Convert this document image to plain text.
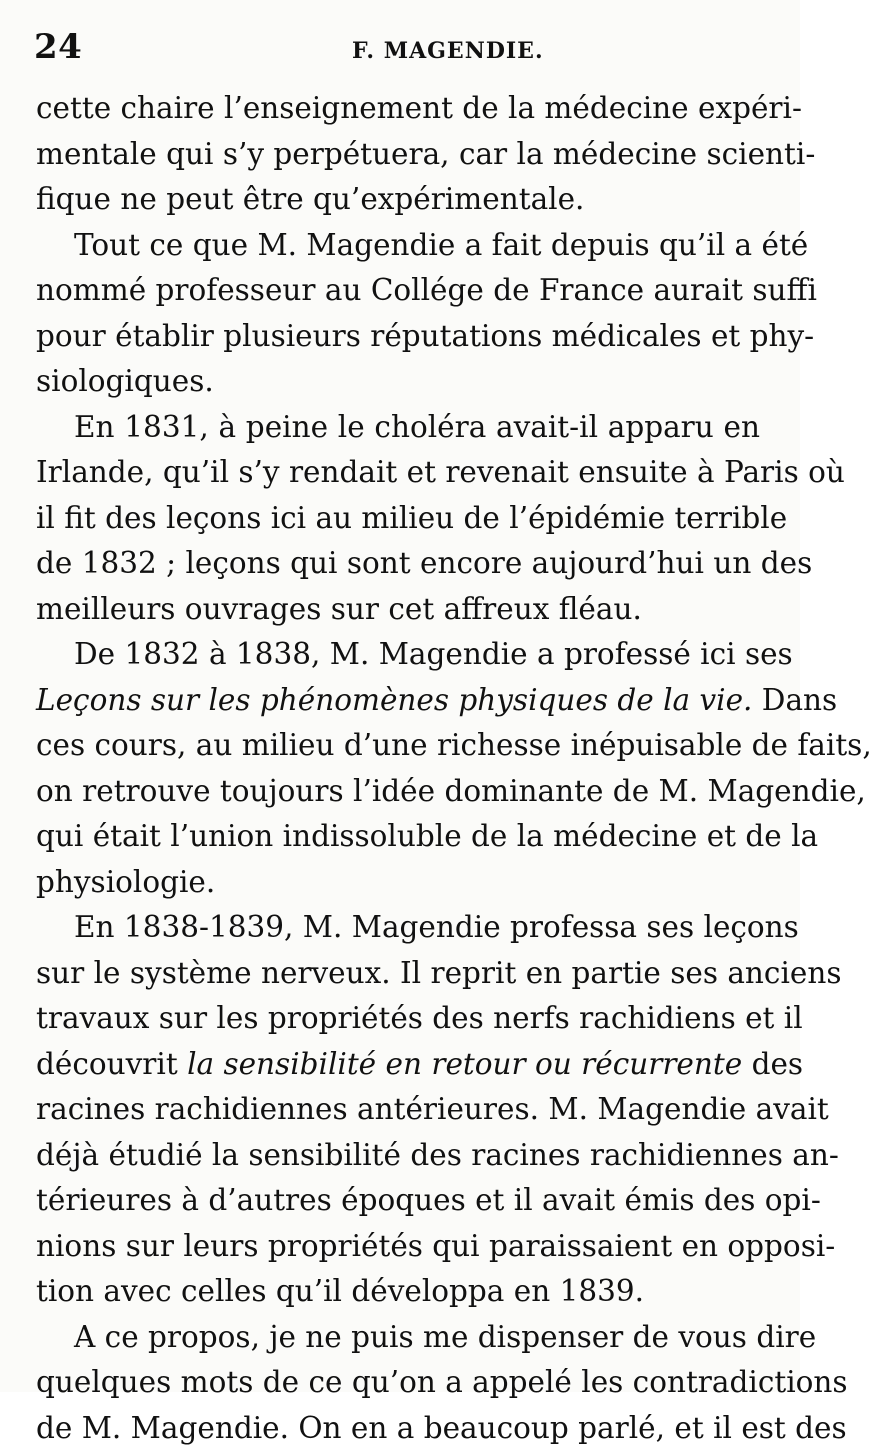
24	F. MAGENDIE.
cette chaire l’enseignement de la médecine expéri-
mentale qui s’y perpétuera, car la médecine scienti-
fique ne peut être qu’expérimentale.
Tout ce que M. Magendie a fait depuis qu’il a été
nommé professeur au Collége de France aurait suffi
pour établir plusieurs réputations médicales et phy-
siologiques.
En 1831, à peine le choléra avait-il apparu en
Irlande, qu’il s’y rendait et revenait ensuite à Paris où
il fit des leçons ici au milieu de l’épidémie terrible
de 1832 ; leçons qui sont encore aujourd’hui un des
meilleurs ouvrages sur cet affreux fléau.
De 1832 à 1838, M. Magendie a professé ici ses
Leçons sur les phénomènes physiques de la vie. Dans
ces cours, au milieu d’une richesse inépuisable de faits,
on retrouve toujours l’idée dominante de M. Magendie,
qui était l’union indissoluble de la médecine et de la
physiologie.
En 1838-1839, M. Magendie professa ses leçons
sur le système nerveux. Il reprit en partie ses anciens
travaux sur les propriétés des nerfs rachidiens et il
découvrit la sensibilité en retour ou récurrente des
racines rachidiennes antérieures. M. Magendie avait
déjà étudié la sensibilité des racines rachidiennes an-
térieures à d’autres époques et il avait émis des opi-
nions sur leurs propriétés qui paraissaient en opposi-
tion avec celles qu’il développa en 1839.
A ce propos, je ne puis me dispenser de vous dire
quelques mots de ce qu’on a appelé les contradictions
de M. Magendie. On en a beaucoup parlé, et il est des
